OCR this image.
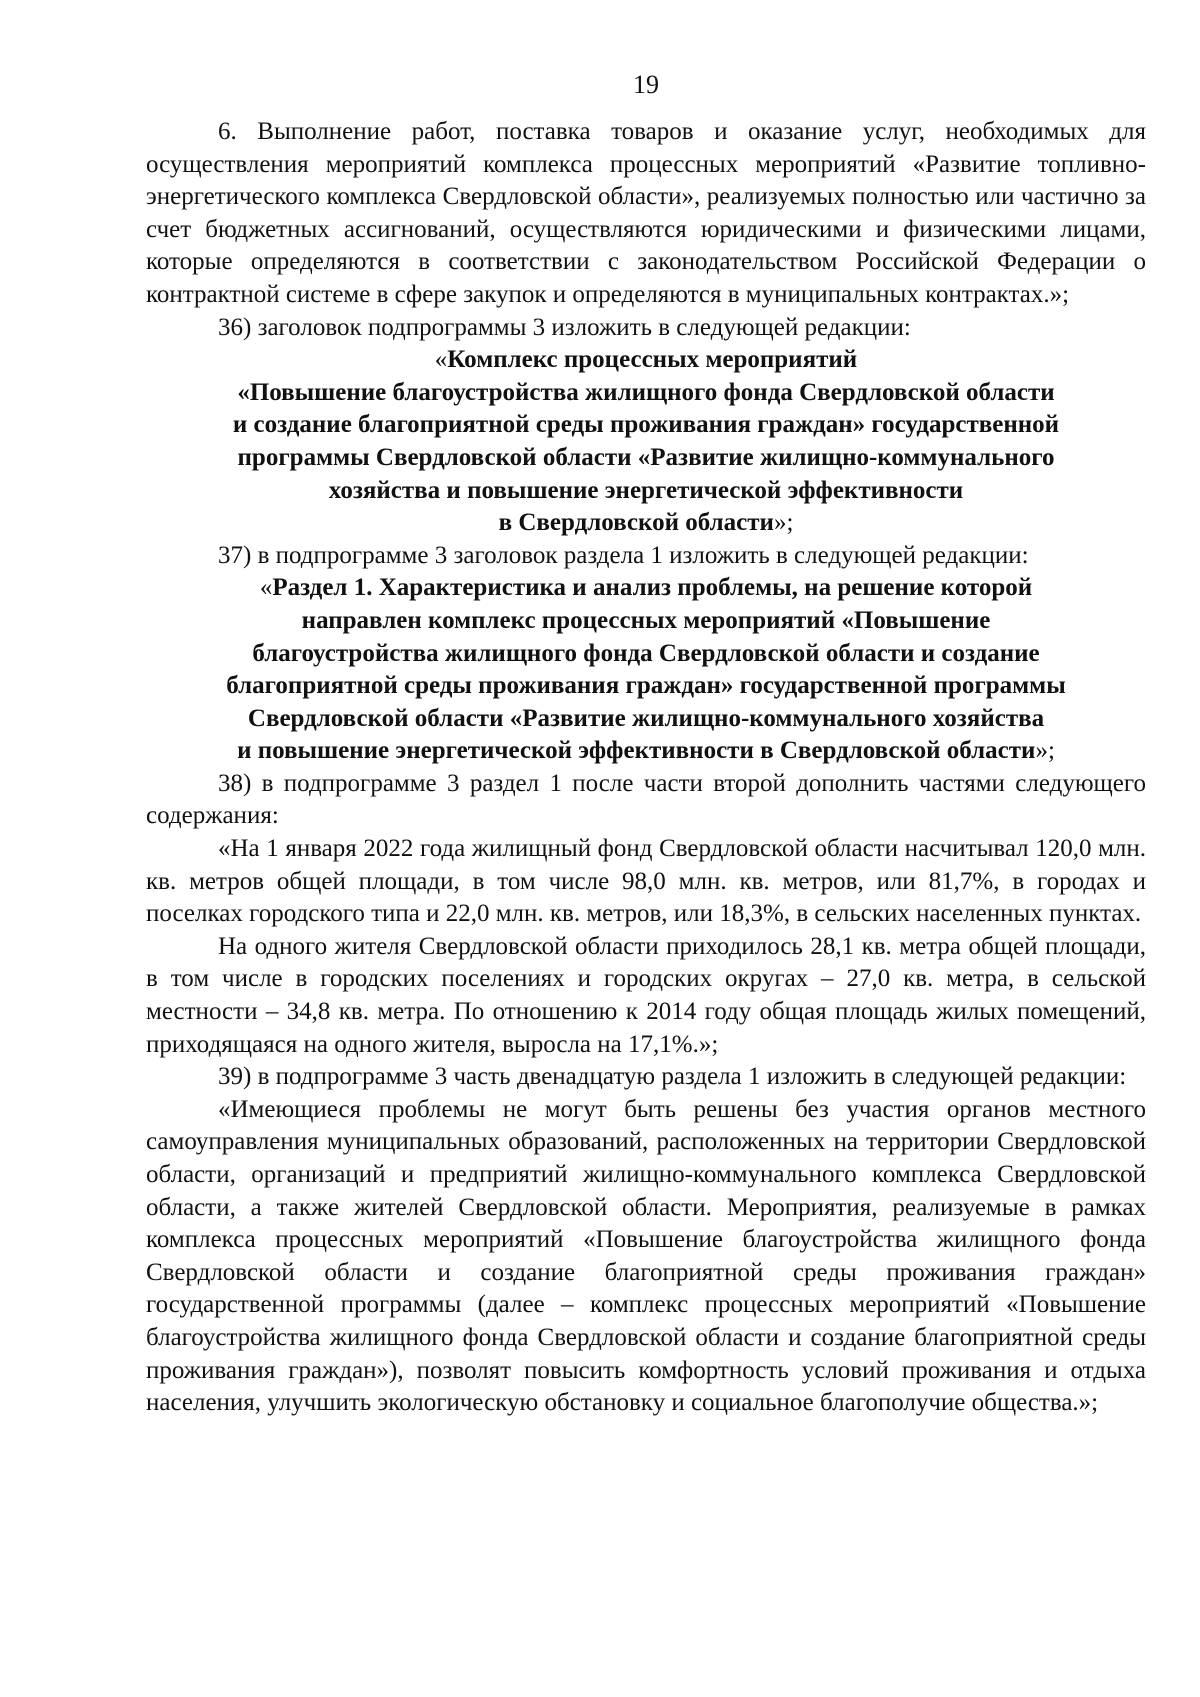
19

6. Выполнение работ, поставка товаров и оказание услуг, необходимых для осуществления мероприятий комплекса процессных мероприятий «Развитие топливно-энергетического комплекса Свердловской области», реализуемых полностью или частично за счет бюджетных ассигнований, осуществляются юридическими и физическими лицами, которые определяются в соответствии с законодательством Российской Федерации о контрактной системе в сфере закупок и определяются в муниципальных контрактах.»;

36) заголовок подпрограммы 3 изложить в следующей редакции:

«Комплекс процессных мероприятий
«Повышение благоустройства жилищного фонда Свердловской области
и создание благоприятной среды проживания граждан» государственной
программы Свердловской области «Развитие жилищно-коммунального
хозяйства и повышение энергетической эффективности
в Свердловской области»;

37) в подпрограмме 3 заголовок раздела 1 изложить в следующей редакции:

«Раздел 1. Характеристика и анализ проблемы, на решение которой
направлен комплекс процессных мероприятий «Повышение
благоустройства жилищного фонда Свердловской области и создание
благоприятной среды проживания граждан» государственной программы
Свердловской области «Развитие жилищно-коммунального хозяйства
и повышение энергетической эффективности в Свердловской области»;

38) в подпрограмме 3 раздел 1 после части второй дополнить частями следующего содержания:

«На 1 января 2022 года жилищный фонд Свердловской области насчитывал 120,0 млн. кв. метров общей площади, в том числе 98,0 млн. кв. метров, или 81,7%, в городах и поселках городского типа и 22,0 млн. кв. метров, или 18,3%, в сельских населенных пунктах.

На одного жителя Свердловской области приходилось 28,1 кв. метра общей площади, в том числе в городских поселениях и городских округах – 27,0 кв. метра, в сельской местности – 34,8 кв. метра. По отношению к 2014 году общая площадь жилых помещений, приходящаяся на одного жителя, выросла на 17,1%.»;

39) в подпрограмме 3 часть двенадцатую раздела 1 изложить в следующей редакции:

«Имеющиеся проблемы не могут быть решены без участия органов местного самоуправления муниципальных образований, расположенных на территории Свердловской области, организаций и предприятий жилищно-коммунального комплекса Свердловской области, а также жителей Свердловской области. Мероприятия, реализуемые в рамках комплекса процессных мероприятий «Повышение благоустройства жилищного фонда Свердловской области и создание благоприятной среды проживания граждан» государственной программы (далее – комплекс процессных мероприятий «Повышение благоустройства жилищного фонда Свердловской области и создание благоприятной среды проживания граждан»), позволят повысить комфортность условий проживания и отдыха населения, улучшить экологическую обстановку и социальное благополучие общества.»;
